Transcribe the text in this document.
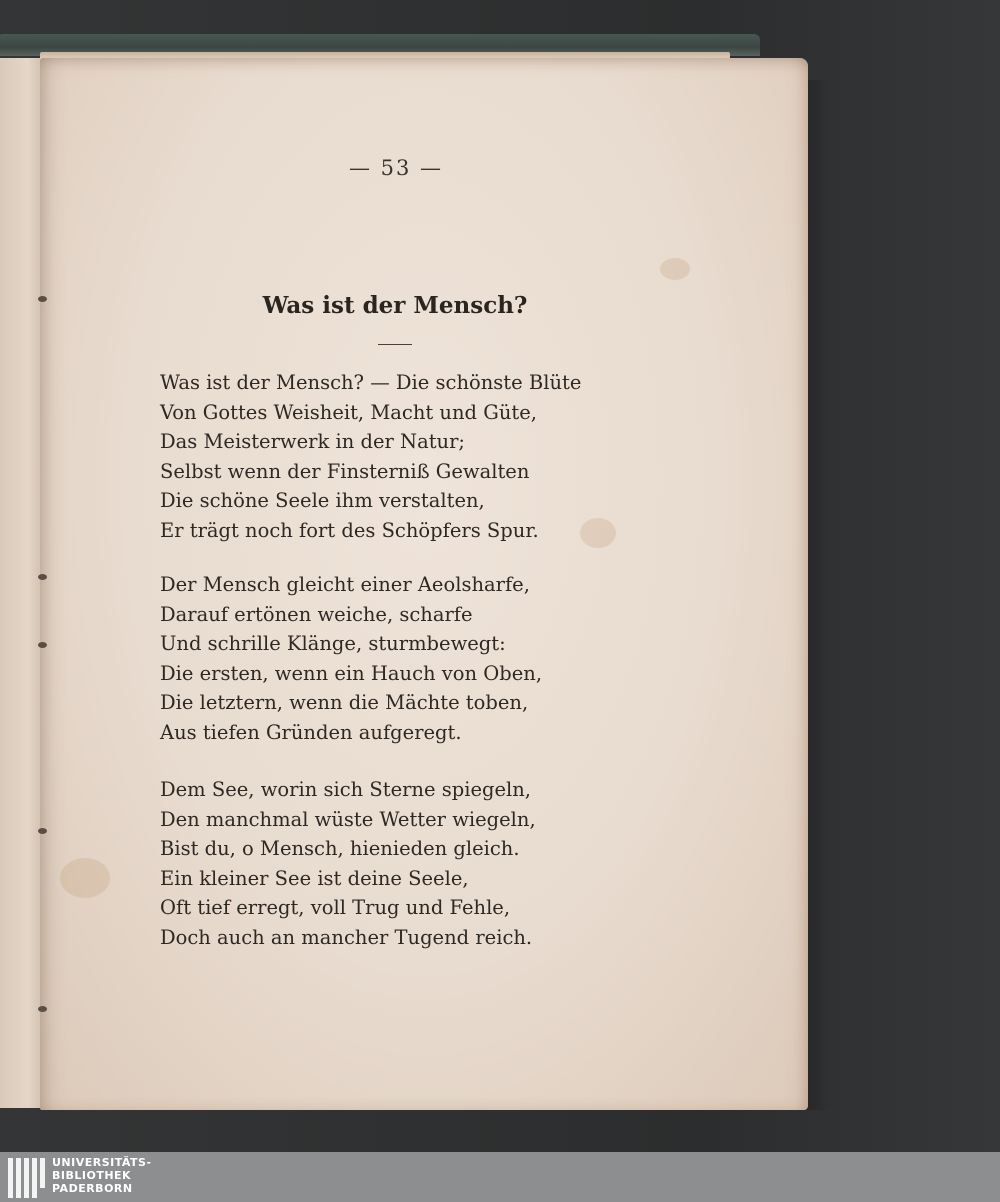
— 53 —
Was ist der Mensch?
Was ist der Mensch? — Die schönste Blüte
Von Gottes Weisheit, Macht und Güte,
Das Meisterwerk in der Natur;
Selbst wenn der Finsterniß Gewalten
Die schöne Seele ihm verstalten,
Er trägt noch fort des Schöpfers Spur.
Der Mensch gleicht einer Aeolsharfe,
Darauf ertönen weiche, scharfe
Und schrille Klänge, sturmbewegt:
Die ersten, wenn ein Hauch von Oben,
Die letztern, wenn die Mächte toben,
Aus tiefen Gründen aufgeregt.
Dem See, worin sich Sterne spiegeln,
Den manchmal wüste Wetter wiegeln,
Bist du, o Mensch, hienieden gleich.
Ein kleiner See ist deine Seele,
Oft tief erregt, voll Trug und Fehle,
Doch auch an mancher Tugend reich.
UNIVERSITÄTS-
BIBLIOTHEK
PADERBORN
